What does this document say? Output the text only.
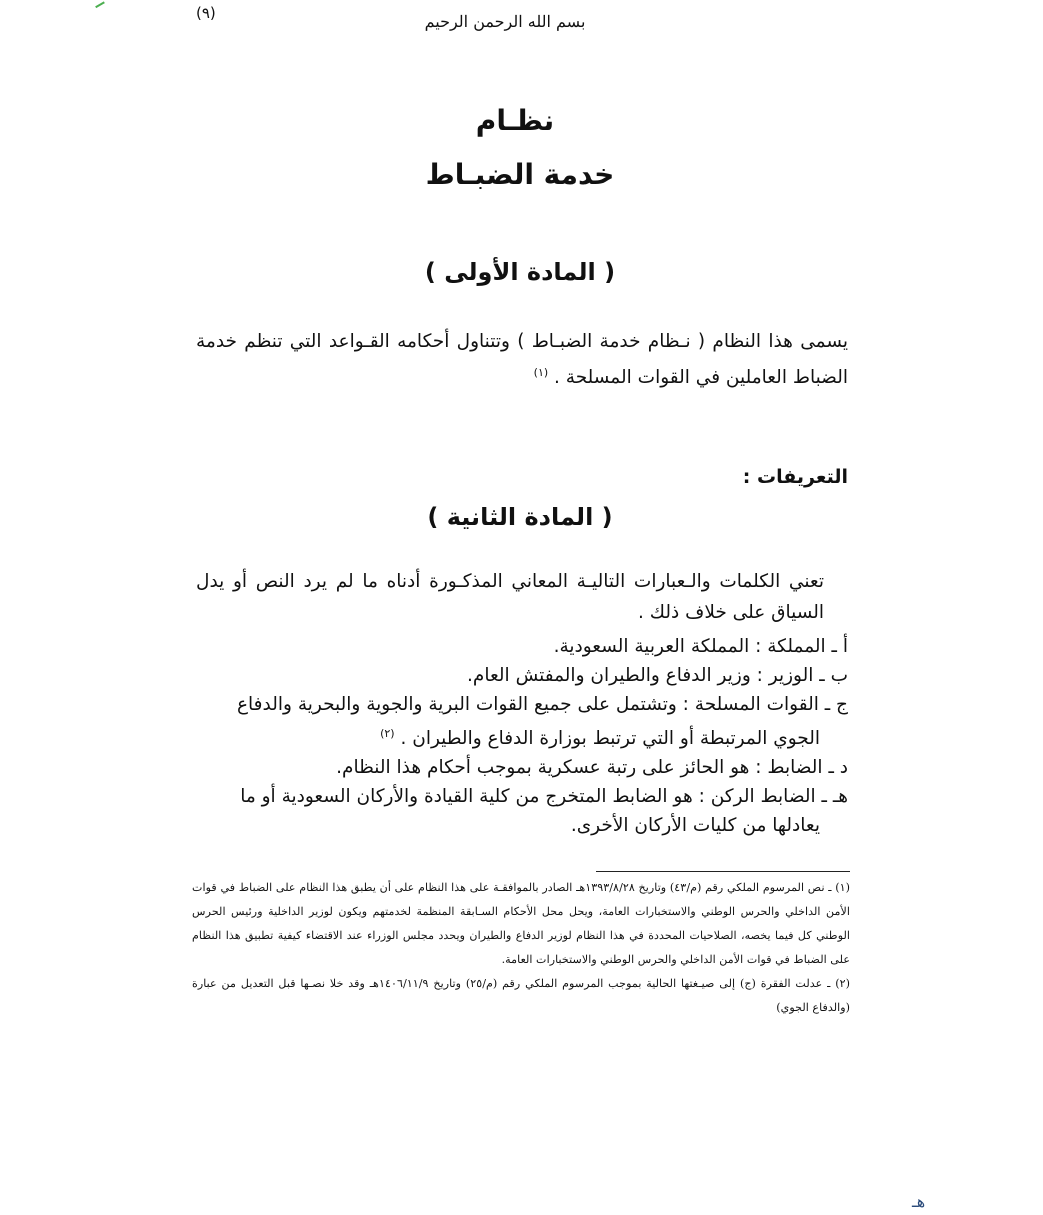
(٩)	بسم الله الرحمن الرحيم
نظـام
خدمة الضبـاط
( المادة الأولى )
يسمى هذا النظام ( نـظام خدمة الضبـاط ) وتتناول أحكامه القـواعد التي تنظم خدمة الضباط العاملين في القوات المسلحة . $^{(١)}$
التعريفات :
( المادة الثانية )
تعني الكلمات والـعبارات التاليـة المعاني المذكـورة أدناه ما لم يرد النص أو يدل السياق على خلاف ذلك .
أ ـ المملكة : المملكة العربية السعودية.
ب ـ الوزير : وزير الدفاع والطيران والمفتش العام.
ج ـ القوات المسلحة : وتشتمل على جميع القوات البرية والجوية والبحرية والدفاع
الجوي المرتبطة أو التي ترتبط بوزارة الدفاع والطيران . $^{(٢)}$
د ـ الضابط : هو الحائز على رتبة عسكرية بموجب أحكام هذا النظام.
هـ ـ الضابط الركن : هو الضابط المتخرج من كلية القيادة والأركان السعودية أو ما
يعادلها من كليات الأركان الأخرى.

(١) ـ نص المرسوم الملكي رقم (م/٤٣) وتاريخ ١٣٩٣/٨/٢٨هـ الصادر بالموافقـة على هذا النظام على أن يطبق هذا النظام على الضباط في قوات الأمن الداخلي والحرس الوطني والاستخبارات العامة، ويحل محل الأحكام السـابقة المنظمة لخدمتهم ويكون لوزير الداخلية ورئيس الحرس الوطني كل فيما يخصه، الصلاحيات المحددة في هذا النظام لوزير الدفاع والطيران ويحدد مجلس الوزراء عند الاقتضاء كيفية تطبيق هذا النظام على الضباط في قوات الأمن الداخلي والحرس الوطني والاستخبارات العامة.

(٢) ـ عدلت الفقرة (ج) إلى صيـغتها الحالية بموجب المرسوم الملكي رقم (م/٢٥) وتاريخ ١٤٠٦/١١/٩هـ وقد خلا نصـها قبل التعديل من عبارة (والدفاع الجوي)

هـ
